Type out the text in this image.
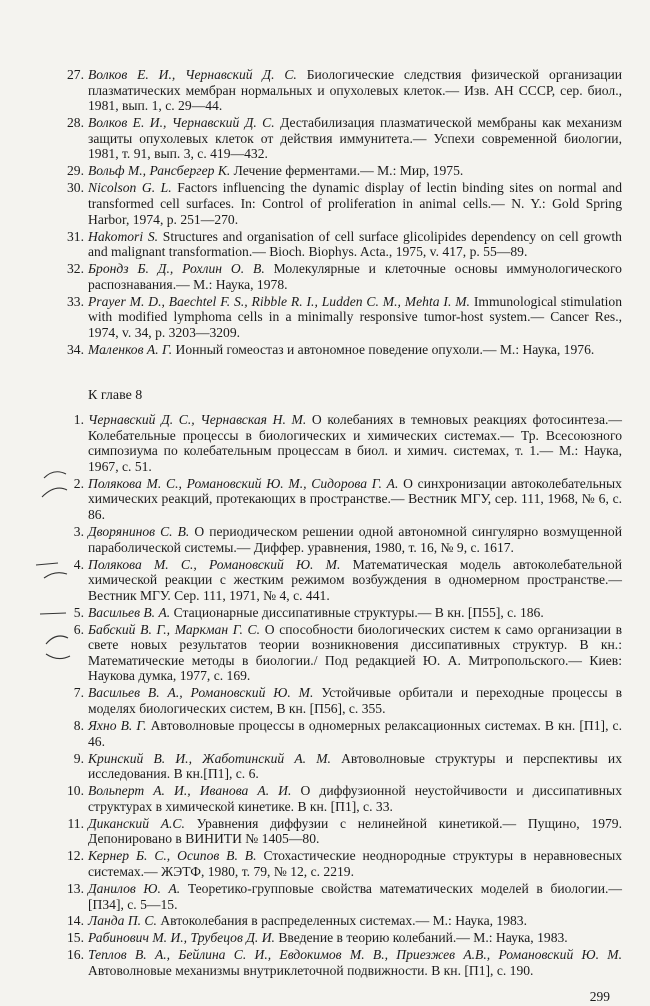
27. Волков Е. И., Чернавский Д. С. Биологические следствия физической организации плазматических мембран нормальных и опухолевых клеток.— Изв. АН СССР, сер. биол., 1981, вып. 1, с. 29—44.

28. Волков Е. И., Чернавский Д. С. Дестабилизация плазматической мембраны как механизм защиты опухолевых клеток от действия иммунитета.— Успехи современной биологии, 1981, т. 91, вып. 3, с. 419—432.

29. Вольф М., Рансбергер К. Лечение ферментами.— М.: Мир, 1975.

30. Nicolson G. L. Factors influencing the dynamic display of lectin binding sites on normal and transformed cell surfaces. In: Control of proliferation in animal cells.— N. Y.: Gold Spring Harbor, 1974, p. 251—270.

31. Hakomori S. Structures and organisation of cell surface glicolipides dependency on cell growth and malignant transformation.— Bioch. Biophys. Acta., 1975, v. 417, p. 55—89.

32. Брондз Б. Д., Рохлин О. В. Молекулярные и клеточные основы иммунологического распознавания.— М.: Наука, 1978.

33. Prayer M. D., Baechtel F. S., Ribble R. I., Ludden C. M., Mehta I. M. Immunological stimulation with modified lymphoma cells in a minimally responsive tumor-host system.— Cancer Res., 1974, v. 34, p. 3203—3209.

34. Маленков А. Г. Ионный гомеостаз и автономное поведение опухоли.— М.: Наука, 1976.

К главе 8

1. Чернавский Д. С., Чернавская Н. М. О колебаниях в темновых реакциях фотосинтеза.— Колебательные процессы в биологических и химических системах.— Тр. Всесоюзного симпозиума по колебательным процессам в биол. и химич. системах, т. 1.— М.: Наука, 1967, с. 51.

2. Полякова М. С., Романовский Ю. М., Сидорова Г. А. О синхронизации автоколебательных химических реакций, протекающих в пространстве.— Вестник МГУ, сер. 111, 1968, № 6, с. 86.

3. Дворянинов С. В. О периодическом решении одной автономной сингулярно возмущенной параболической системы.— Диффер. уравнения, 1980, т. 16, № 9, с. 1617.

4. Полякова М. С., Романовский Ю. М. Математическая модель автоколебательной химической реакции с жестким режимом возбуждения в одномерном пространстве.— Вестник МГУ. Сер. 111, 1971, № 4, с. 441.

5. Васильев В. А. Стационарные диссипативные структуры.— В кн. [П55], с. 186.

6. Бабский В. Г., Маркман Г. С. О способности биологических систем к само организации в свете новых результатов теории возникновения диссипативных структур. В кн.: Математические методы в биологии./ Под редакцией Ю. А. Митропольского.— Киев: Наукова думка, 1977, с. 169.

7. Васильев В. А., Романовский Ю. М. Устойчивые орбитали и переходные процессы в моделях биологических систем, В кн. [П56], с. 355.

8. Яхно В. Г. Автоволновые процессы в одномерных релаксационных системах. В кн. [П1], с. 46.

9. Кринский В. И., Жаботинский А. М. Автоволновые структуры и перспективы их исследования. В кн.[П1], с. 6.

10. Вольперт А. И., Иванова А. И. О диффузионной неустойчивости и диссипативных структурах в химической кинетике. В кн. [П1], с. 33.

11. Диканский А.С. Уравнения диффузии с нелинейной кинетикой.— Пущино, 1979. Депонировано в ВИНИТИ № 1405—80.

12. Кернер Б. С., Осипов В. В. Стохастические неоднородные структуры в неравновесных системах.— ЖЭТФ, 1980, т. 79, № 12, с. 2219.

13. Данилов Ю. А. Теоретико-групповые свойства математических моделей в биологии.— [П34], с. 5—15.

14. Ланда П. С. Автоколебания в распределенных системах.— М.: Наука, 1983.

15. Рабинович М. И., Трубецов Д. И. Введение в теорию колебаний.— М.: Наука, 1983.

16. Теплов В. А., Бейлина С. И., Евдокимов М. В., Приезжев А.В., Романовский Ю. М. Автоволновые механизмы внутриклеточной подвижности. В кн. [П1], с. 190.

299
